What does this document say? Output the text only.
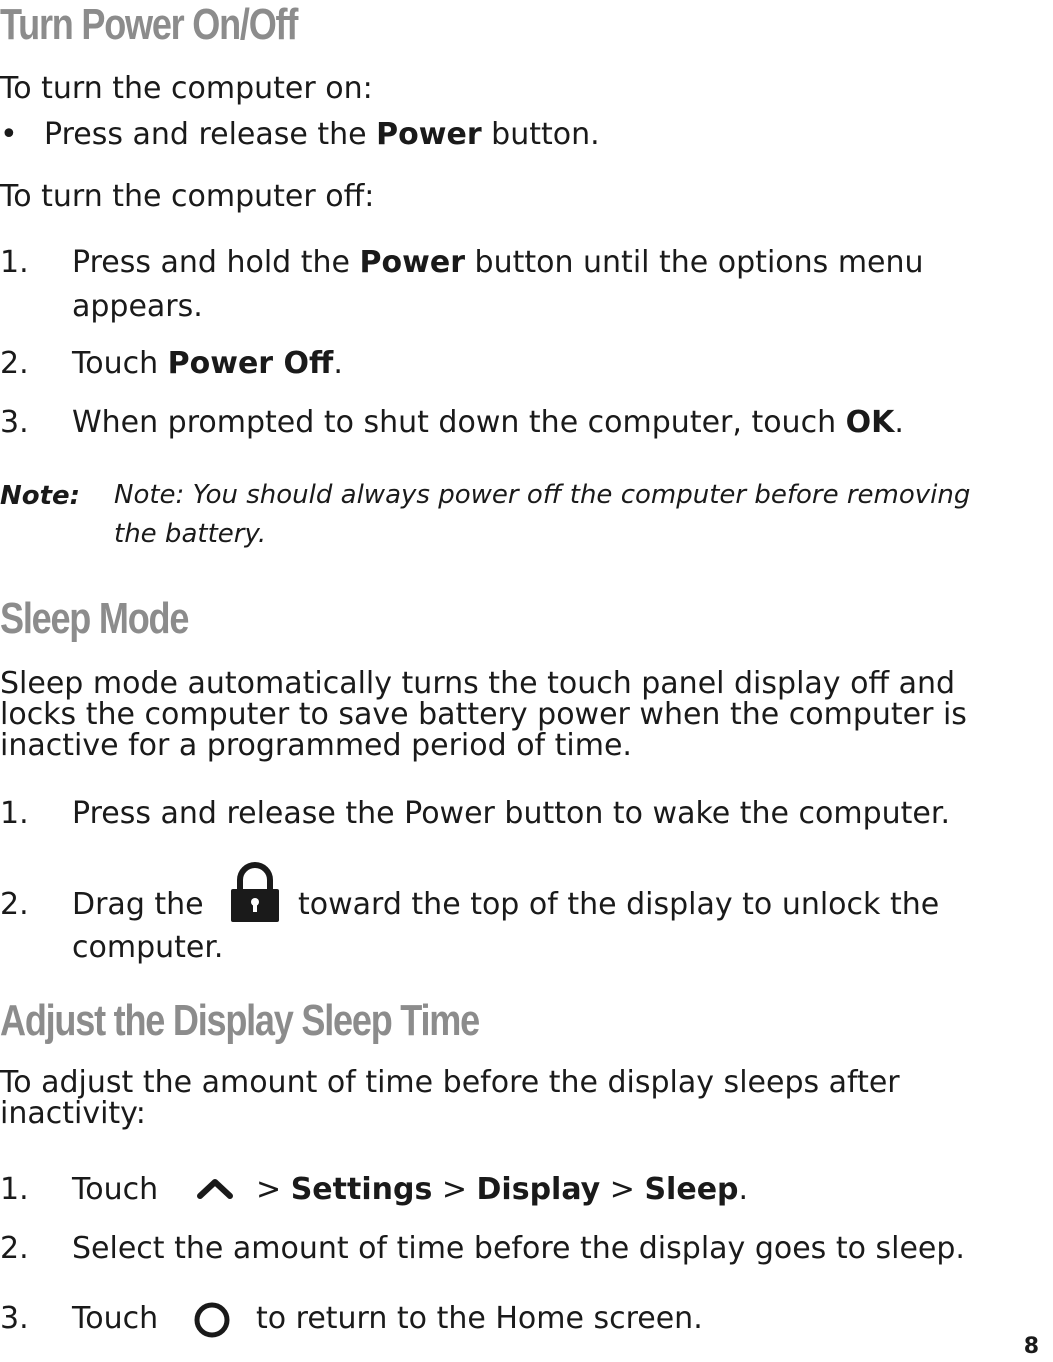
Turn Power On/Off
To turn the computer on:
• Press and release the Power button.
To turn the computer off:
1. Press and hold the Power button until the options menu
appears.
2. Touch Power Off.
3. When prompted to shut down the computer, touch OK.
Note: Note: You should always power off the computer before removing
the battery.
Sleep Mode
Sleep mode automatically turns the touch panel display off and
locks the computer to save battery power when the computer is
inactive for a programmed period of time.
1. Press and release the Power button to wake the computer.
2. Drag the	toward the top of the display to unlock the
computer.
Adjust the Display Sleep Time
To adjust the amount of time before the display sleeps after
inactivity:
1. Touch	> Settings > Display > Sleep.
2. Select the amount of time before the display goes to sleep.
3. Touch	to return to the Home screen.
8
